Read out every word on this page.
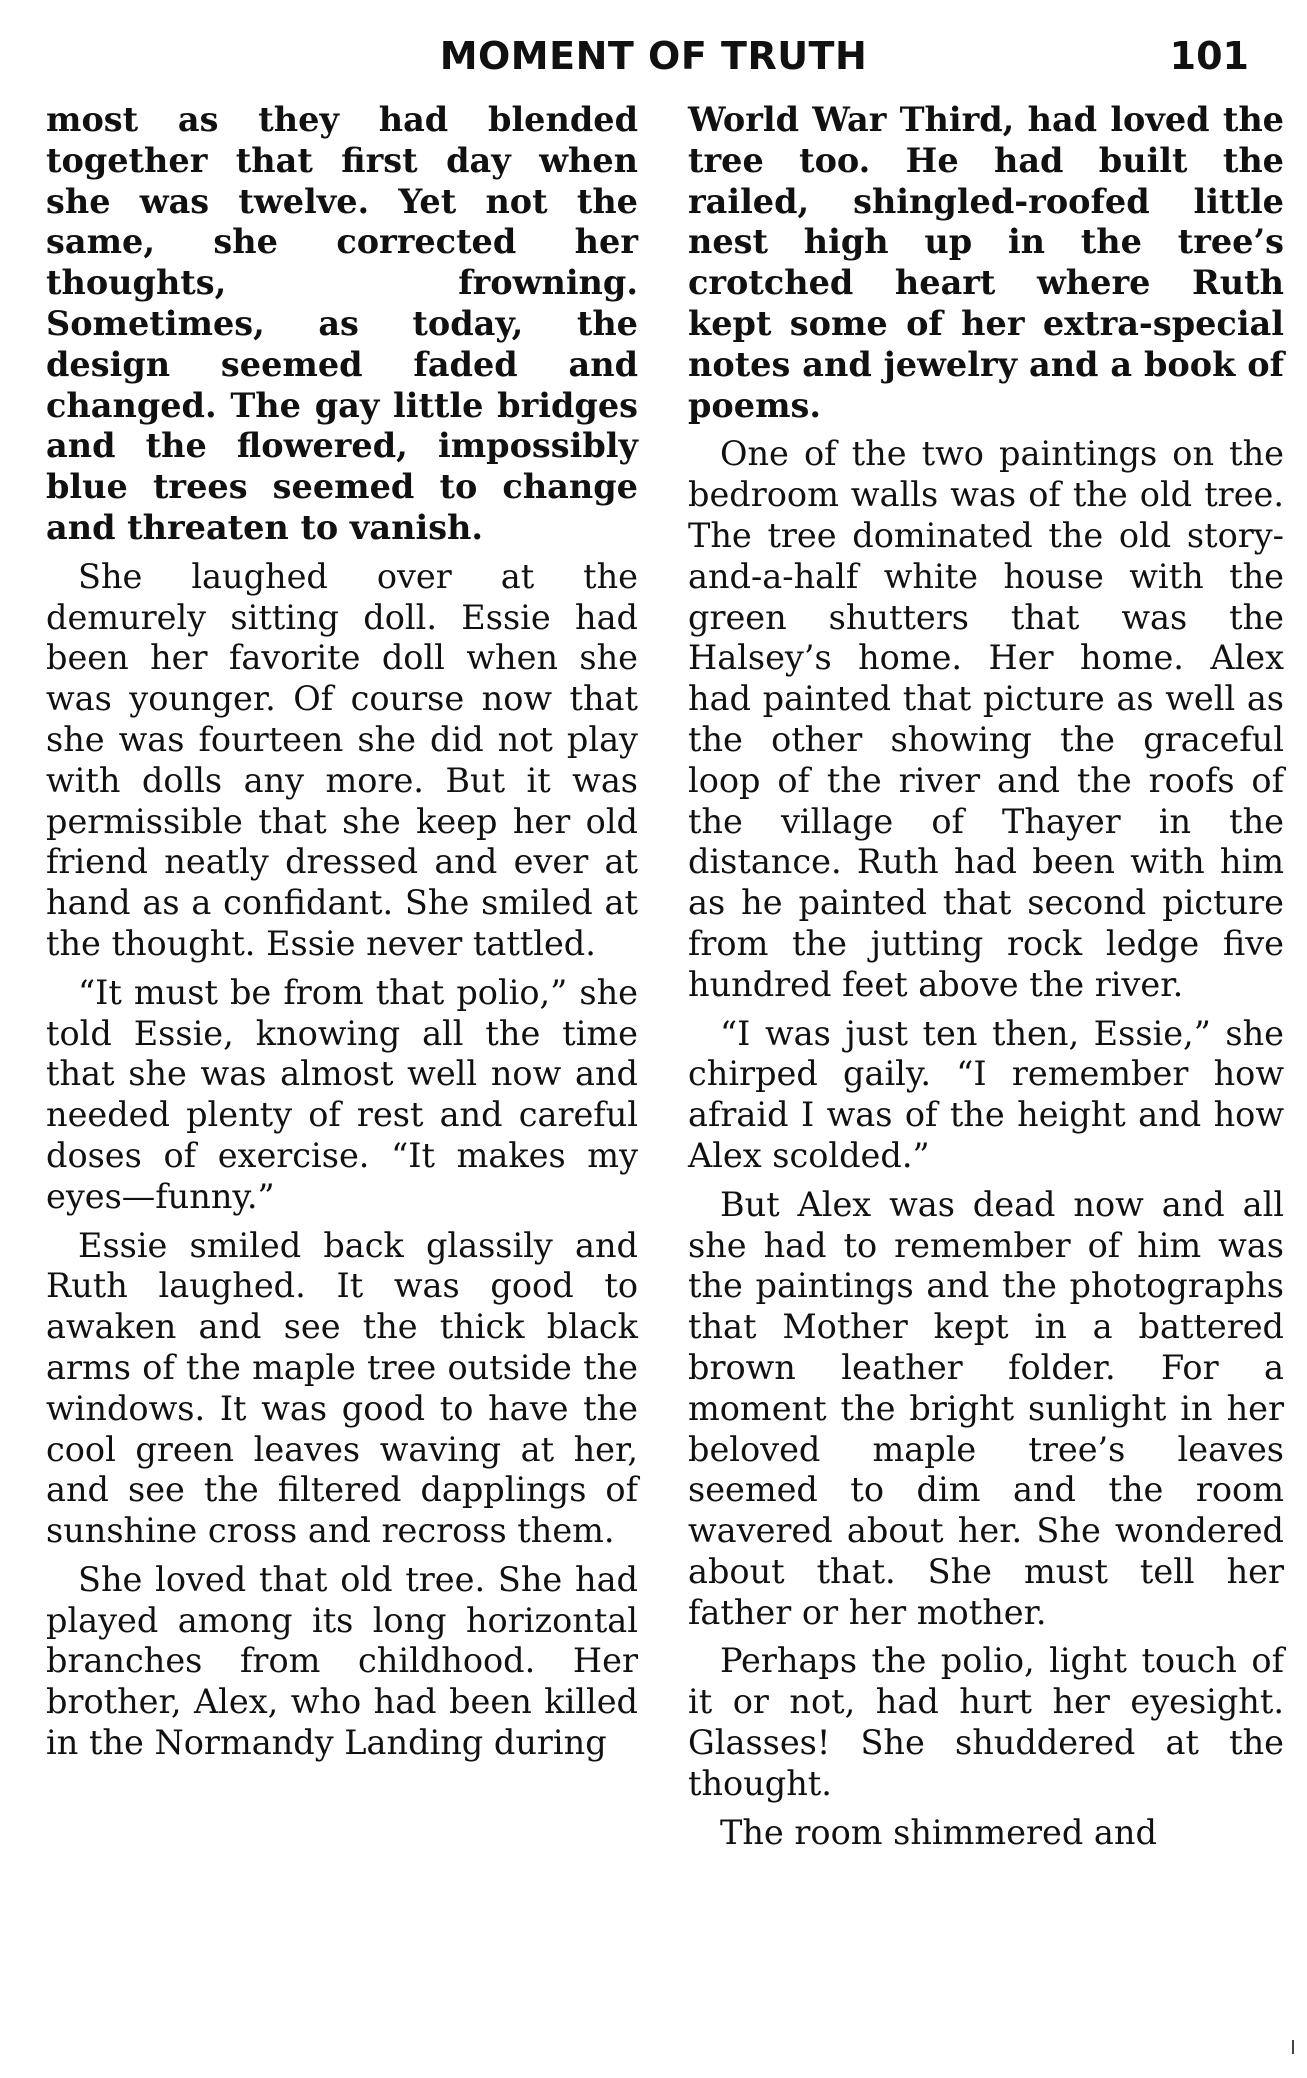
MOMENT OF TRUTH	101

most as they had blended together that first day when she was twelve. Yet not the same, she corrected her thoughts, frowning. Sometimes, as today, the design seemed faded and changed. The gay little bridges and the flowered, impossibly blue trees seemed to change and threaten to vanish.

She laughed over at the demurely sitting doll. Essie had been her favorite doll when she was younger. Of course now that she was fourteen she did not play with dolls any more. But it was permissible that she keep her old friend neatly dressed and ever at hand as a confidant. She smiled at the thought. Essie never tattled.

“It must be from that polio,” she told Essie, knowing all the time that she was almost well now and needed plenty of rest and careful doses of exercise. “It makes my eyes—funny.”

Essie smiled back glassily and Ruth laughed. It was good to awaken and see the thick black arms of the maple tree outside the windows. It was good to have the cool green leaves waving at her, and see the filtered dapplings of sunshine cross and recross them.

She loved that old tree. She had played among its long horizontal branches from childhood. Her brother, Alex, who had been killed in the Normandy Landing during

World War Third, had loved the tree too. He had built the railed, shingled-roofed little nest high up in the tree’s crotched heart where Ruth kept some of her extra-special notes and jewelry and a book of poems.

One of the two paintings on the bedroom walls was of the old tree. The tree dominated the old story-and-a-half white house with the green shutters that was the Halsey’s home. Her home. Alex had painted that picture as well as the other showing the graceful loop of the river and the roofs of the village of Thayer in the distance. Ruth had been with him as he painted that second picture from the jutting rock ledge five hundred feet above the river.

“I was just ten then, Essie,” she chirped gaily. “I remember how afraid I was of the height and how Alex scolded.”

But Alex was dead now and all she had to remember of him was the paintings and the photographs that Mother kept in a battered brown leather folder. For a moment the bright sunlight in her beloved maple tree’s leaves seemed to dim and the room wavered about her. She wondered about that. She must tell her father or her mother.

Perhaps the polio, light touch of it or not, had hurt her eyesight. Glasses! She shuddered at the thought.

The room shimmered and
